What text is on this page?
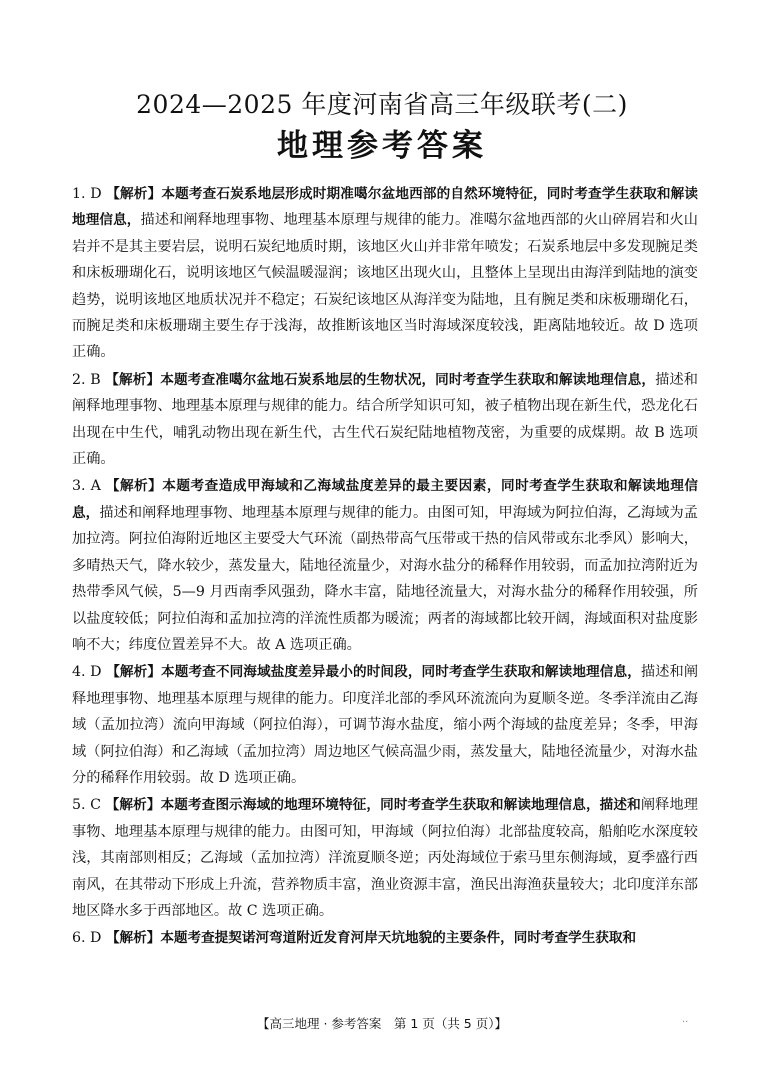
2024—2025 年度河南省高三年级联考(二)
地理参考答案
1. D 【解析】本题考查石炭系地层形成时期准噶尔盆地西部的自然环境特征，同时考查学生获取和解读地理信息，描述和阐释地理事物、地理基本原理与规律的能力。准噶尔盆地西部的火山碎屑岩和火山岩并不是其主要岩层，说明石炭纪地质时期，该地区火山并非常年喷发；石炭系地层中多发现腕足类和床板珊瑚化石，说明该地区气候温暖湿润；该地区出现火山，且整体上呈现出由海洋到陆地的演变趋势，说明该地区地质状况并不稳定；石炭纪该地区从海洋变为陆地，且有腕足类和床板珊瑚化石，而腕足类和床板珊瑚主要生存于浅海，故推断该地区当时海域深度较浅，距离陆地较近。故 D 选项正确。
2. B 【解析】本题考查准噶尔盆地石炭系地层的生物状况，同时考查学生获取和解读地理信息，描述和阐释地理事物、地理基本原理与规律的能力。结合所学知识可知，被子植物出现在新生代，恐龙化石出现在中生代，哺乳动物出现在新生代，古生代石炭纪陆地植物茂密，为重要的成煤期。故 B 选项正确。
3. A 【解析】本题考查造成甲海域和乙海域盐度差异的最主要因素，同时考查学生获取和解读地理信息，描述和阐释地理事物、地理基本原理与规律的能力。由图可知，甲海域为阿拉伯海，乙海域为孟加拉湾。阿拉伯海附近地区主要受大气环流（副热带高气压带或干热的信风带或东北季风）影响大，多晴热天气，降水较少，蒸发量大，陆地径流量少，对海水盐分的稀释作用较弱，而孟加拉湾附近为热带季风气候，5—9 月西南季风强劲，降水丰富，陆地径流量大，对海水盐分的稀释作用较强，所以盐度较低；阿拉伯海和孟加拉湾的洋流性质都为暖流；两者的海域都比较开阔，海域面积对盐度影响不大；纬度位置差异不大。故 A 选项正确。
4. D 【解析】本题考查不同海域盐度差异最小的时间段，同时考查学生获取和解读地理信息，描述和阐释地理事物、地理基本原理与规律的能力。印度洋北部的季风环流流向为夏顺冬逆。冬季洋流由乙海域（孟加拉湾）流向甲海域（阿拉伯海），可调节海水盐度，缩小两个海域的盐度差异；冬季，甲海域（阿拉伯海）和乙海域（孟加拉湾）周边地区气候高温少雨，蒸发量大，陆地径流量少，对海水盐分的稀释作用较弱。故 D 选项正确。
5. C 【解析】本题考查图示海域的地理环境特征，同时考查学生获取和解读地理信息，描述和阐释地理事物、地理基本原理与规律的能力。由图可知，甲海域（阿拉伯海）北部盐度较高，船舶吃水深度较浅，其南部则相反；乙海域（孟加拉湾）洋流夏顺冬逆；丙处海域位于索马里东侧海域，夏季盛行西南风，在其带动下形成上升流，营养物质丰富，渔业资源丰富，渔民出海渔获量较大；北印度洋东部地区降水多于西部地区。故 C 选项正确。
6. D 【解析】本题考查提契诺河弯道附近发育河岸天坑地貌的主要条件，同时考查学生获取和
【高三地理 · 参考答案　第 1 页（共 5 页）】	..
